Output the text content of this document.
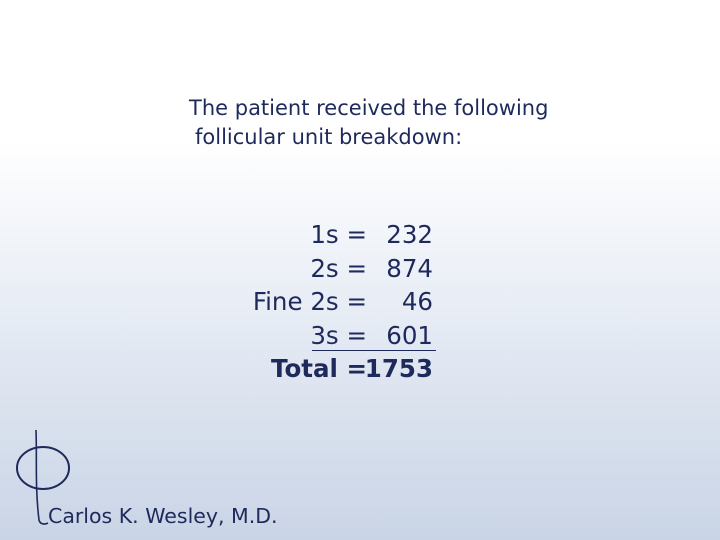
The patient received the following
follicular unit breakdown:
1s = 232
2s = 874
Fine 2s = 46
3s = 601
Total =
1753
Carlos K. Wesley, M.D.
